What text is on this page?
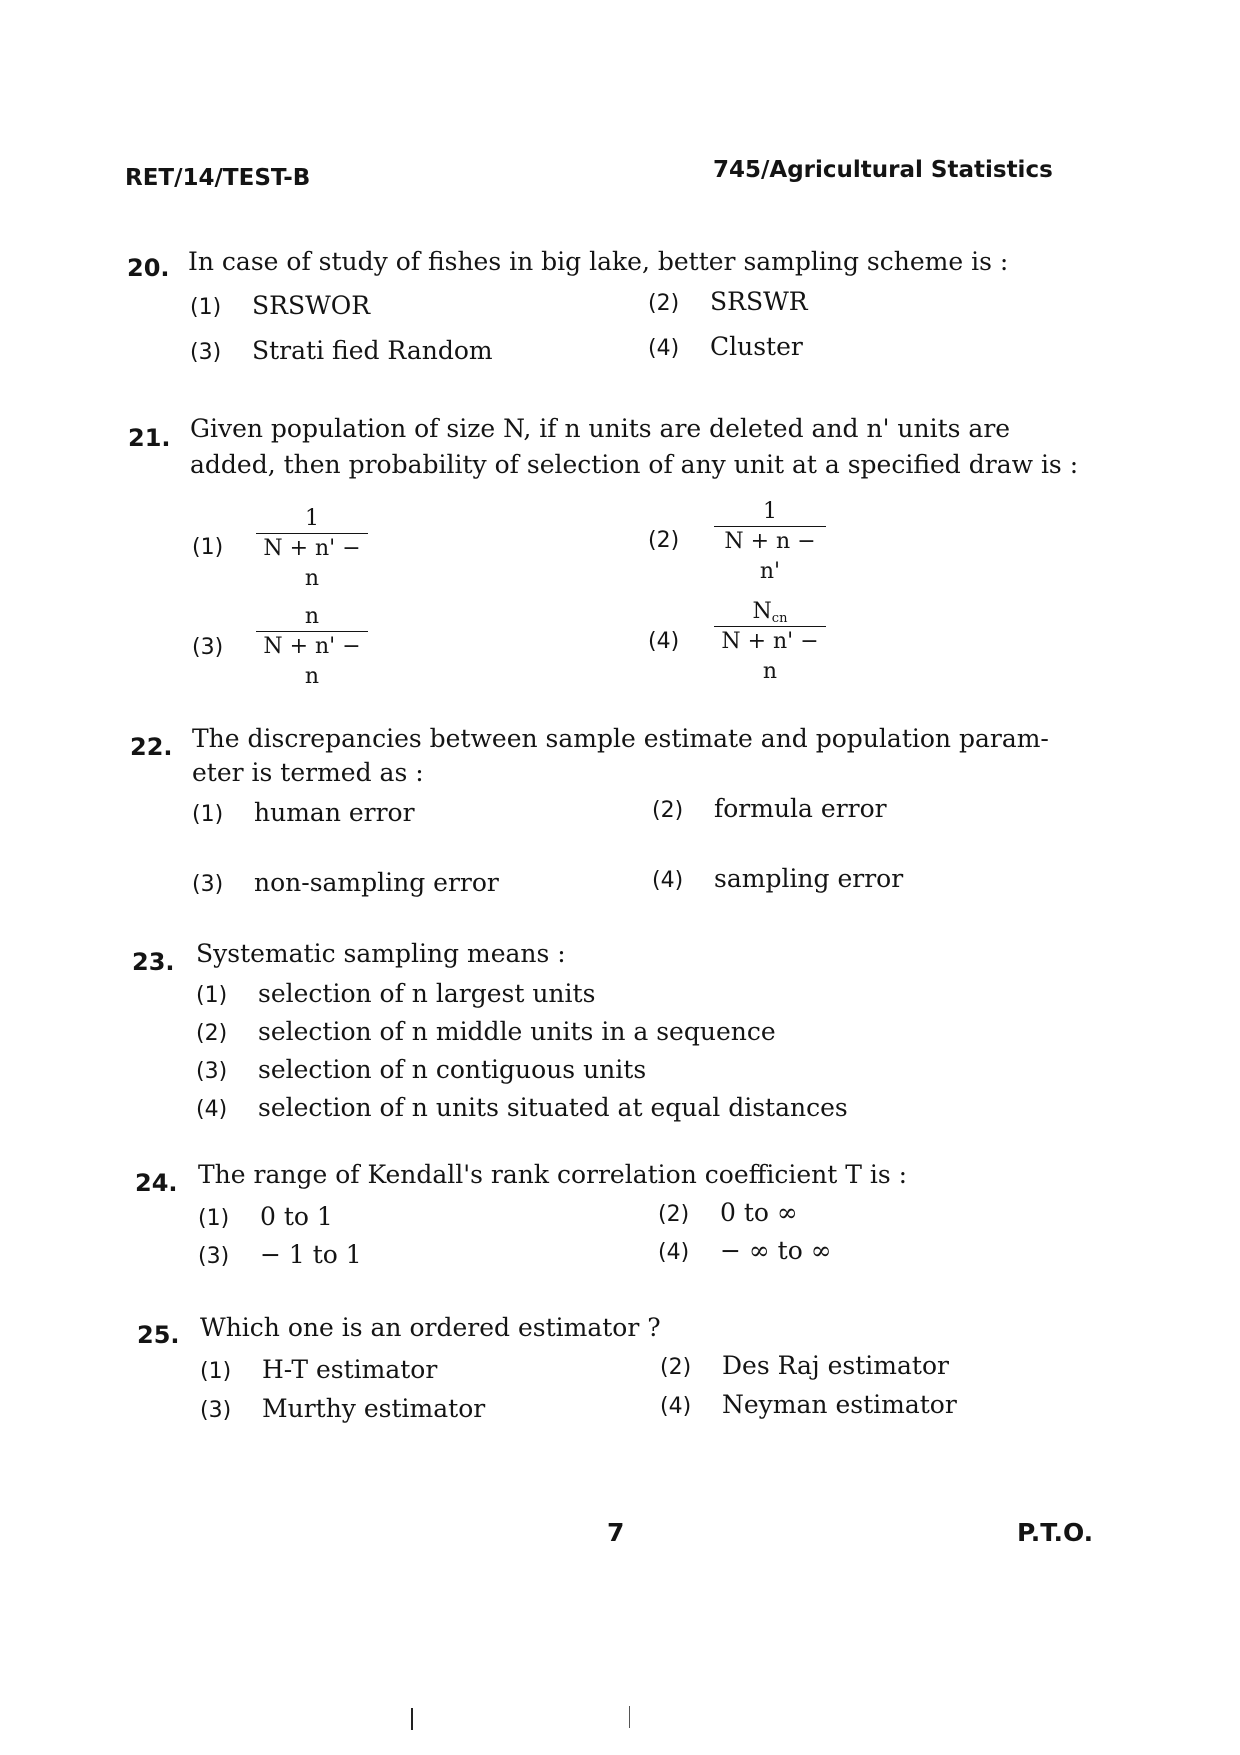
RET/14/TEST-B	745/Agricultural Statistics
20. In case of study of fishes in big lake, better sampling scheme is :
(1) SRSWOR	(2) SRSWR
(3) Strati fied Random	(4) Cluster
21. Given population of size N, if n units are deleted and n' units are
added, then probability of selection of any unit at a specified draw is :
(1)
1
N + n' − n
(2)
1
N + n − n'
(3)
n
N + n' − n
(4)
$N_{cn}$
N + n' − n
22. The discrepancies between sample estimate and population param-
eter is termed as :
(1) human error	(2) formula error
(3) non-sampling error	(4) sampling error
23. Systematic sampling means :
(1) selection of n largest units
(2) selection of n middle units in a sequence
(3) selection of n contiguous units
(4) selection of n units situated at equal distances
24. The range of Kendall's rank correlation coefficient T is :
(1) 0 to 1	(2) 0 to ∞
(3) − 1 to 1	(4) − ∞ to ∞
25. Which one is an ordered estimator ?
(1) H-T estimator	(2) Des Raj estimator
(3) Murthy estimator	(4) Neyman estimator
7	P.T.O.
